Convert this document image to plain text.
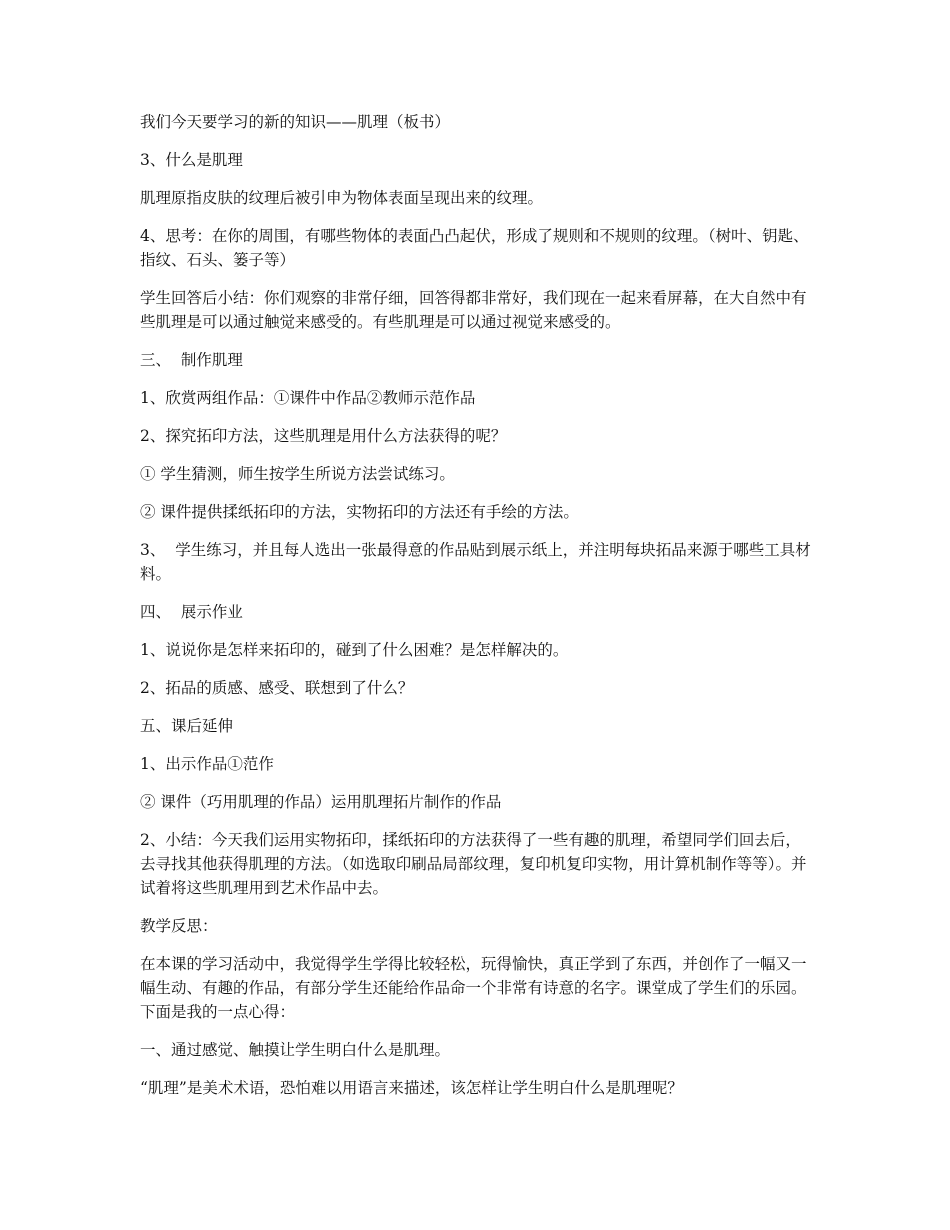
我们今天要学习的新的知识——肌理（板书）

3、什么是肌理

肌理原指皮肤的纹理后被引申为物体表面呈现出来的纹理。

4、思考：在你的周围，有哪些物体的表面凸凸起伏，形成了规则和不规则的纹理。（树叶、钥匙、指纹、石头、篓子等）

学生回答后小结：你们观察的非常仔细，回答得都非常好，我们现在一起来看屏幕，在大自然中有些肌理是可以通过触觉来感受的。有些肌理是可以通过视觉来感受的。

三、  制作肌理

1、欣赏两组作品：①课件中作品②教师示范作品

2、探究拓印方法，这些肌理是用什么方法获得的呢？

① 学生猜测，师生按学生所说方法尝试练习。

② 课件提供揉纸拓印的方法，实物拓印的方法还有手绘的方法。

3、  学生练习，并且每人选出一张最得意的作品贴到展示纸上，并注明每块拓品来源于哪些工具材料。

四、  展示作业

1、说说你是怎样来拓印的，碰到了什么困难？是怎样解决的。

2、拓品的质感、感受、联想到了什么？

五、课后延伸

1、出示作品①范作

② 课件（巧用肌理的作品）运用肌理拓片制作的作品

2、小结：今天我们运用实物拓印，揉纸拓印的方法获得了一些有趣的肌理，希望同学们回去后，去寻找其他获得肌理的方法。（如选取印刷品局部纹理，复印机复印实物，用计算机制作等等）。并试着将这些肌理用到艺术作品中去。

教学反思：

在本课的学习活动中，我觉得学生学得比较轻松，玩得愉快，真正学到了东西，并创作了一幅又一幅生动、有趣的作品，有部分学生还能给作品命一个非常有诗意的名字。课堂成了学生们的乐园。下面是我的一点心得：

一、通过感觉、触摸让学生明白什么是肌理。

“肌理”是美术术语，恐怕难以用语言来描述，该怎样让学生明白什么是肌理呢？
